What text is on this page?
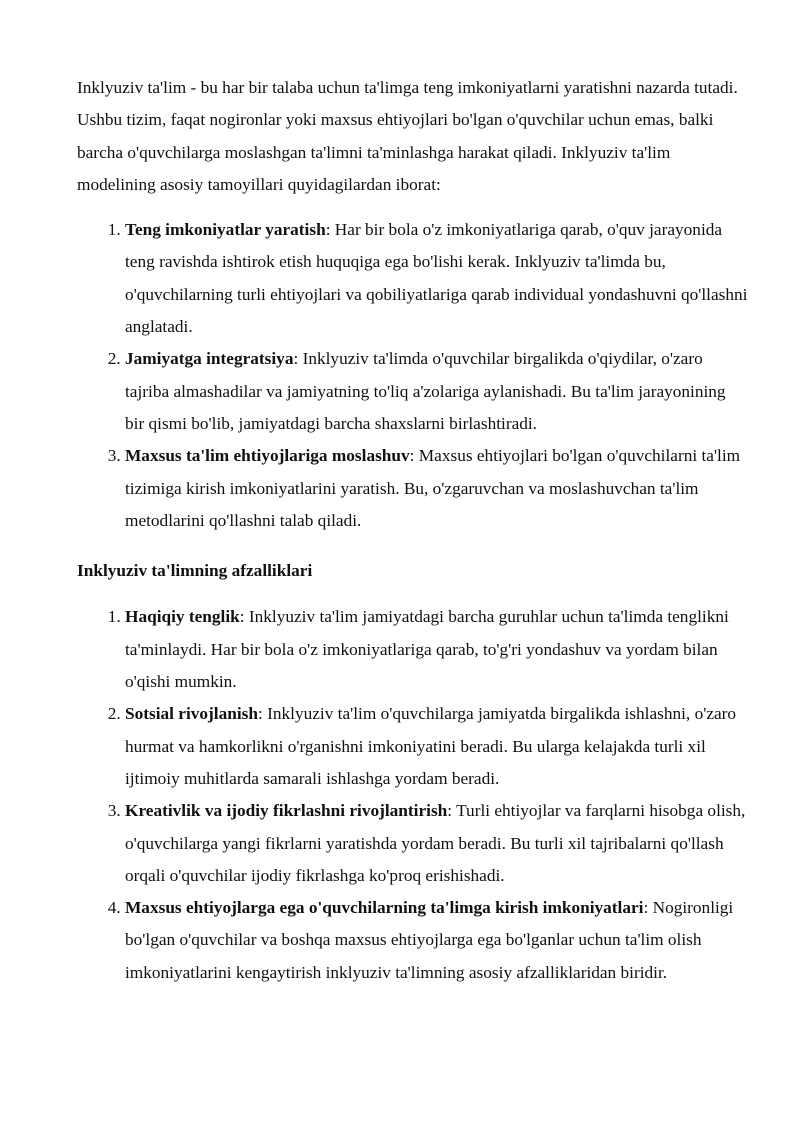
Inklyuziv ta'lim - bu har bir talaba uchun ta'limga teng imkoniyatlarni yaratishni nazarda tutadi. Ushbu tizim, faqat nogironlar yoki maxsus ehtiyojlari bo'lgan o'quvchilar uchun emas, balki barcha o'quvchilarga moslashgan ta'limni ta'minlashga harakat qiladi. Inklyuziv ta'lim modelining asosiy tamoyillari quyidagilardan iborat:

1. Teng imkoniyatlar yaratish: Har bir bola o'z imkoniyatlariga qarab, o'quv jarayonida teng ravishda ishtirok etish huquqiga ega bo'lishi kerak. Inklyuziv ta'limda bu, o'quvchilarning turli ehtiyojlari va qobiliyatlariga qarab individual yondashuvni qo'llashni anglatadi.
2. Jamiyatga integratsiya: Inklyuziv ta'limda o'quvchilar birgalikda o'qiydilar, o'zaro tajriba almashadilar va jamiyatning to'liq a'zolariga aylanishadi. Bu ta'lim jarayonining bir qismi bo'lib, jamiyatdagi barcha shaxslarni birlashtiradi.
3. Maxsus ta'lim ehtiyojlariga moslashuv: Maxsus ehtiyojlari bo'lgan o'quvchilarni ta'lim tizimiga kirish imkoniyatlarini yaratish. Bu, o'zgaruvchan va moslashuvchan ta'lim metodlarini qo'llashni talab qiladi.
Inklyuziv ta'limning afzalliklari
1. Haqiqiy tenglik: Inklyuziv ta'lim jamiyatdagi barcha guruhlar uchun ta'limda tenglikni ta'minlaydi. Har bir bola o'z imkoniyatlariga qarab, to'g'ri yondashuv va yordam bilan o'qishi mumkin.
2. Sotsial rivojlanish: Inklyuziv ta'lim o'quvchilarga jamiyatda birgalikda ishlashni, o'zaro hurmat va hamkorlikni o'rganishni imkoniyatini beradi. Bu ularga kelajakda turli xil ijtimoiy muhitlarda samarali ishlashga yordam beradi.
3. Kreativlik va ijodiy fikrlashni rivojlantirish: Turli ehtiyojlar va farqlarni hisobga olish, o'quvchilarga yangi fikrlarni yaratishda yordam beradi. Bu turli xil tajribalarni qo'llash orqali o'quvchilar ijodiy fikrlashga ko'proq erishishadi.
4. Maxsus ehtiyojlarga ega o'quvchilarning ta'limga kirish imkoniyatlari: Nogironligi bo'lgan o'quvchilar va boshqa maxsus ehtiyojlarga ega bo'lganlar uchun ta'lim olish imkoniyatlarini kengaytirish inklyuziv ta'limning asosiy afzalliklaridan biridir.
